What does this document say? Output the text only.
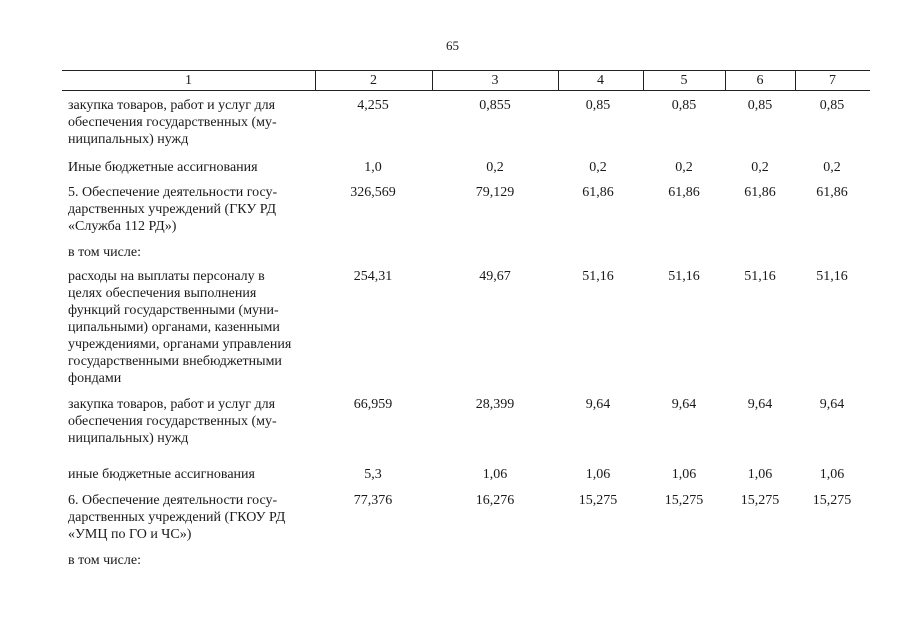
65
1	2	3	4	5	6	7
закупка товаров, работ и услуг для
обеспечения государственных (му-
ниципальных) нужд
4,255	0,855	0,85	0,85	0,85	0,85
Иные бюджетные ассигнования	1,0	0,2	0,2	0,2	0,2	0,2
5. Обеспечение деятельности госу-
дарственных учреждений (ГКУ РД
«Служба 112 РД»)
326,569	79,129	61,86	61,86	61,86	61,86
в том числе:
расходы на выплаты персоналу в
целях обеспечения выполнения
функций государственными (муни-
ципальными) органами, казенными
учреждениями, органами управления
государственными внебюджетными
фондами
254,31	49,67	51,16	51,16	51,16	51,16
закупка товаров, работ и услуг для
обеспечения государственных (му-
ниципальных) нужд
66,959	28,399	9,64	9,64	9,64	9,64
иные бюджетные ассигнования	5,3	1,06	1,06	1,06	1,06	1,06
6. Обеспечение деятельности госу-
дарственных учреждений (ГКОУ РД
«УМЦ по ГО и ЧС»)
77,376	16,276	15,275	15,275	15,275	15,275
в том числе:
